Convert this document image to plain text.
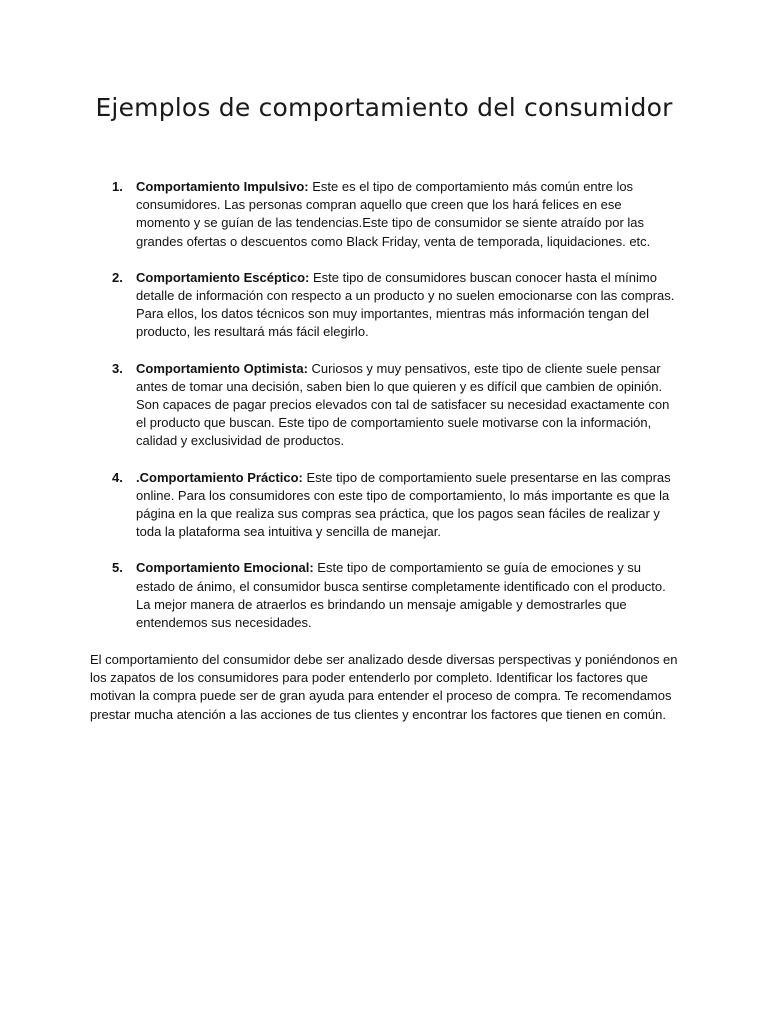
Ejemplos de comportamiento del consumidor
1. Comportamiento Impulsivo: Este es el tipo de comportamiento más común entre los consumidores. Las personas compran aquello que creen que los hará felices en ese momento y se guían de las tendencias.Este tipo de consumidor se siente atraído por las grandes ofertas o descuentos como Black Friday, venta de temporada, liquidaciones. etc.
2. Comportamiento Escéptico: Este tipo de consumidores buscan conocer hasta el mínimo detalle de información con respecto a un producto y no suelen emocionarse con las compras. Para ellos, los datos técnicos son muy importantes, mientras más información tengan del producto, les resultará más fácil elegirlo.
3. Comportamiento Optimista: Curiosos y muy pensativos, este tipo de cliente suele pensar antes de tomar una decisión, saben bien lo que quieren y es difícil que cambien de opinión. Son capaces de pagar precios elevados con tal de satisfacer su necesidad exactamente con el producto que buscan. Este tipo de comportamiento suele motivarse con la información, calidad y exclusividad de productos.
4. .Comportamiento Práctico: Este tipo de comportamiento suele presentarse en las compras online. Para los consumidores con este tipo de comportamiento, lo más importante es que la página en la que realiza sus compras sea práctica, que los pagos sean fáciles de realizar y toda la plataforma sea intuitiva y sencilla de manejar.
5. Comportamiento Emocional: Este tipo de comportamiento se guía de emociones y su estado de ánimo, el consumidor busca sentirse completamente identificado con el producto. La mejor manera de atraerlos es brindando un mensaje amigable y demostrarles que entendemos sus necesidades.

El comportamiento del consumidor debe ser analizado desde diversas perspectivas y poniéndonos en los zapatos de los consumidores para poder entenderlo por completo. Identificar los factores que motivan la compra puede ser de gran ayuda para entender el proceso de compra. Te recomendamos prestar mucha atención a las acciones de tus clientes y encontrar los factores que tienen en común.
